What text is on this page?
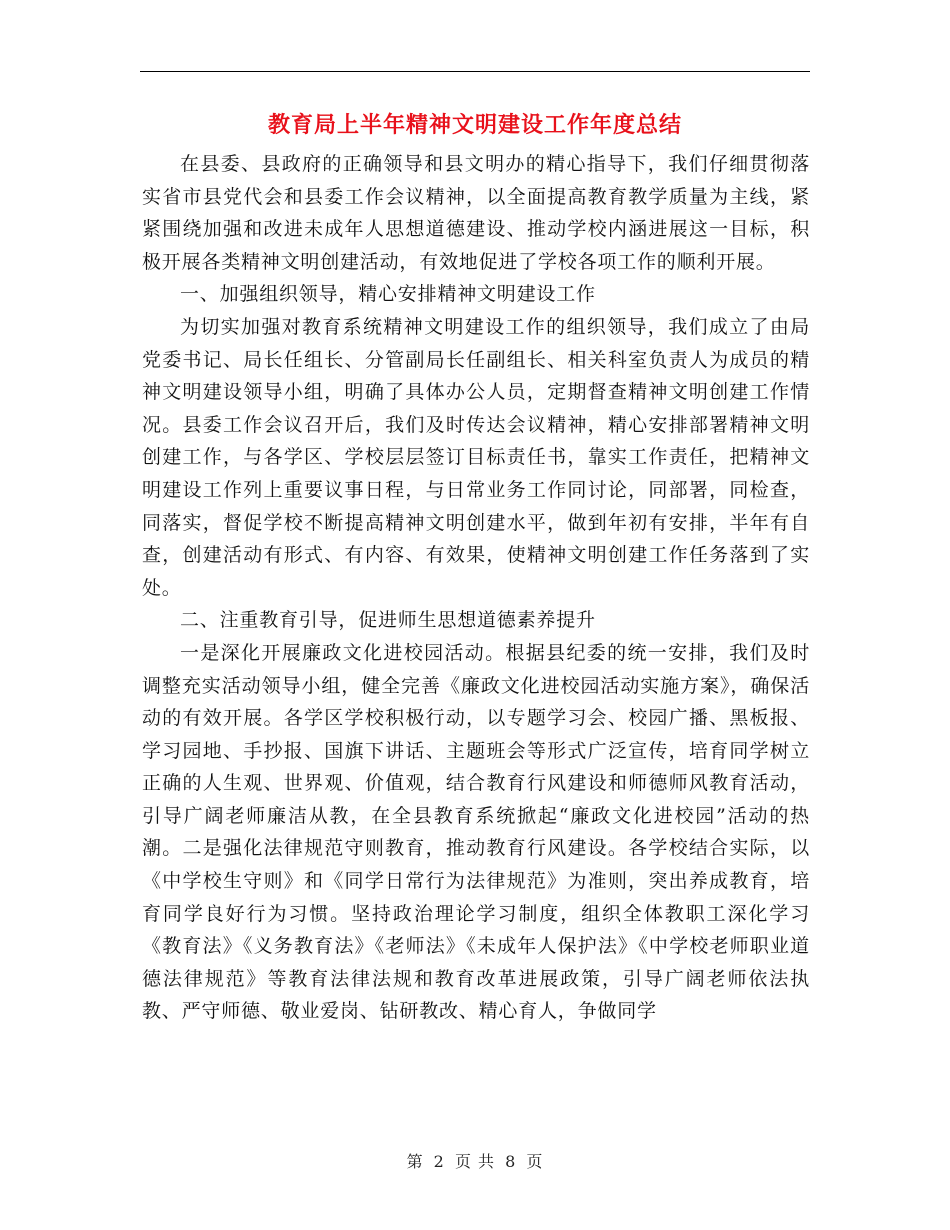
教育局上半年精神文明建设工作年度总结

在县委、县政府的正确领导和县文明办的精心指导下，我们仔细贯彻落实省市县党代会和县委工作会议精神，以全面提高教育教学质量为主线，紧紧围绕加强和改进未成年人思想道德建设、推动学校内涵进展这一目标，积极开展各类精神文明创建活动，有效地促进了学校各项工作的顺利开展。

一、加强组织领导，精心安排精神文明建设工作

为切实加强对教育系统精神文明建设工作的组织领导，我们成立了由局党委书记、局长任组长、分管副局长任副组长、相关科室负责人为成员的精神文明建设领导小组，明确了具体办公人员，定期督查精神文明创建工作情况。县委工作会议召开后，我们及时传达会议精神，精心安排部署精神文明创建工作，与各学区、学校层层签订目标责任书，靠实工作责任，把精神文明建设工作列上重要议事日程，与日常业务工作同讨论，同部署，同检查，同落实，督促学校不断提高精神文明创建水平，做到年初有安排，半年有自查，创建活动有形式、有内容、有效果，使精神文明创建工作任务落到了实处。

二、注重教育引导，促进师生思想道德素养提升

一是深化开展廉政文化进校园活动。根据县纪委的统一安排，我们及时调整充实活动领导小组，健全完善《廉政文化进校园活动实施方案》，确保活动的有效开展。各学区学校积极行动，以专题学习会、校园广播、黑板报、学习园地、手抄报、国旗下讲话、主题班会等形式广泛宣传，培育同学树立正确的人生观、世界观、价值观，结合教育行风建设和师德师风教育活动，引导广阔老师廉洁从教，在全县教育系统掀起“廉政文化进校园”活动的热潮。二是强化法律规范守则教育，推动教育行风建设。各学校结合实际，以《中学校生守则》和《同学日常行为法律规范》为准则，突出养成教育，培育同学良好行为习惯。坚持政治理论学习制度，组织全体教职工深化学习《教育法》《义务教育法》《老师法》《未成年人保护法》《中学校老师职业道德法律规范》等教育法律法规和教育改革进展政策，引导广阔老师依法执教、严守师德、敬业爱岗、钻研教改、精心育人，争做同学

第 2 页 共 8 页
